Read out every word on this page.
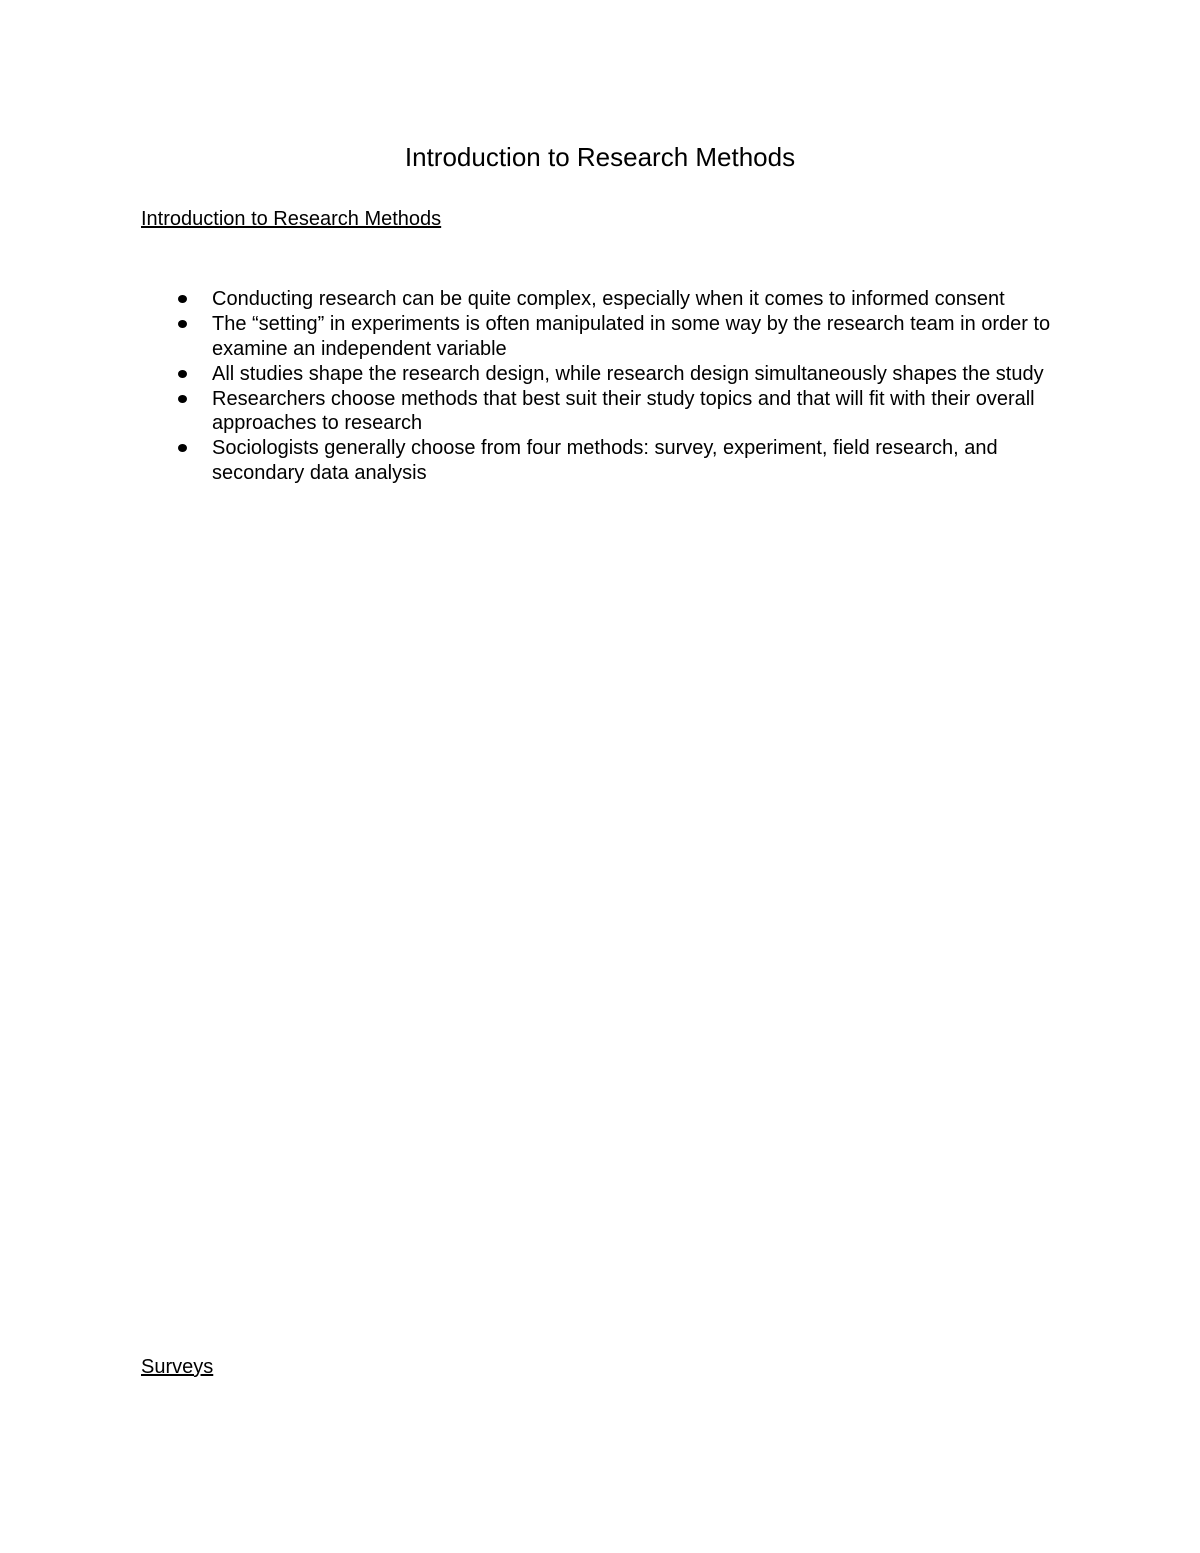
Introduction to Research Methods
Introduction to Research Methods
Conducting research can be quite complex, especially when it comes to informed consent
The “setting” in experiments is often manipulated in some way by the research team in order to examine an independent variable
All studies shape the research design, while research design simultaneously shapes the study
Researchers choose methods that best suit their study topics and that will fit with their overall approaches to research
Sociologists generally choose from four methods: survey, experiment, field research, and secondary data analysis
Surveys
